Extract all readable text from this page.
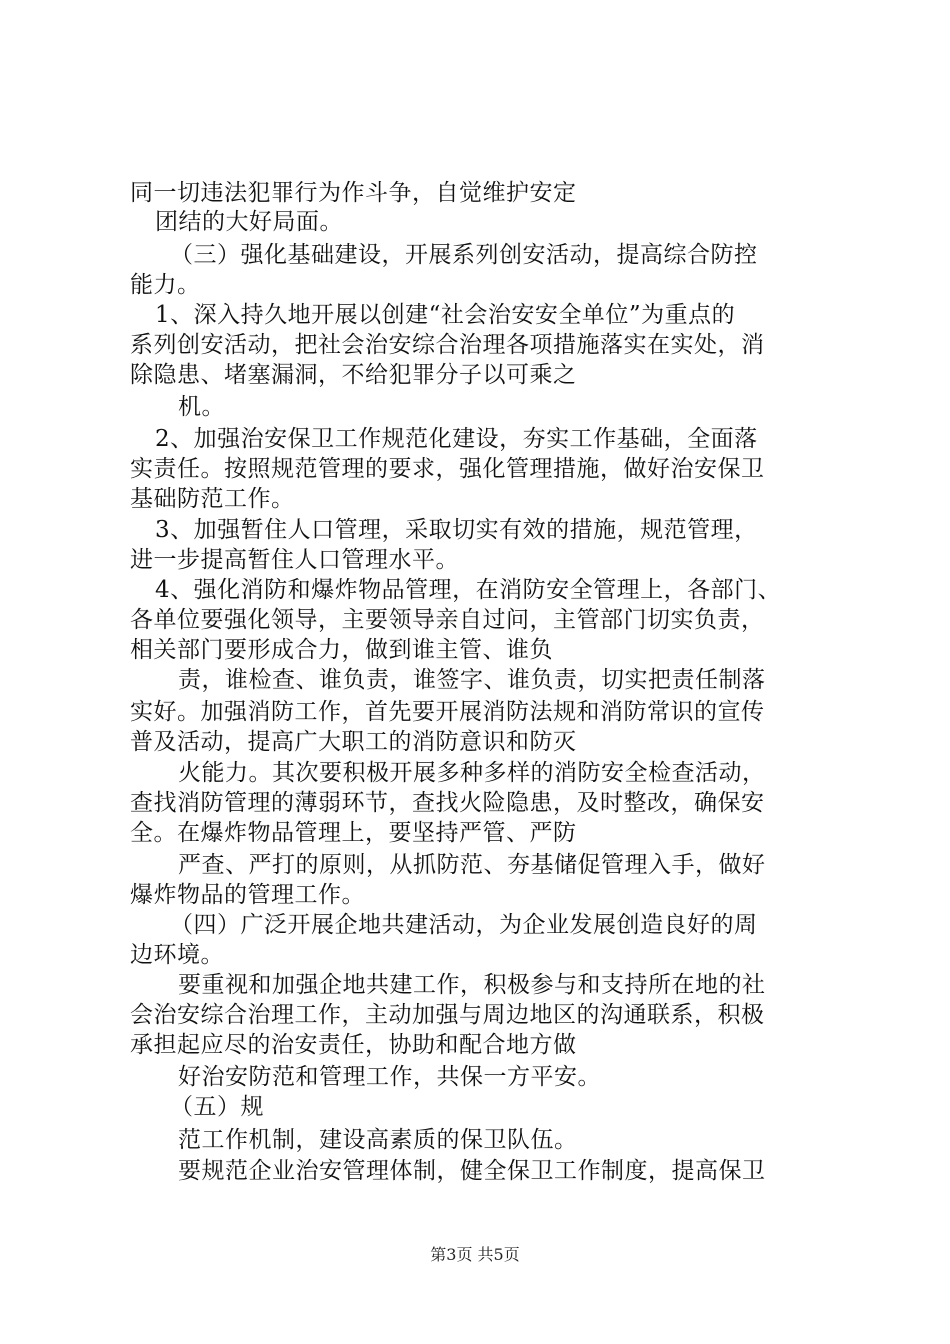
同一切违法犯罪行为作斗争，自觉维护安定
团结的大好局面。
（三）强化基础建设，开展系列创安活动，提高综合防控
能力。
1、深入持久地开展以创建“社会治安安全单位”为重点的
系列创安活动，把社会治安综合治理各项措施落实在实处，消
除隐患、堵塞漏洞，不给犯罪分子以可乘之
机。
2、加强治安保卫工作规范化建设，夯实工作基础，全面落
实责任。按照规范管理的要求，强化管理措施，做好治安保卫
基础防范工作。
3、加强暂住人口管理，采取切实有效的措施，规范管理，
进一步提高暂住人口管理水平。
4、强化消防和爆炸物品管理，在消防安全管理上，各部门、
各单位要强化领导，主要领导亲自过问，主管部门切实负责，
相关部门要形成合力，做到谁主管、谁负
责，谁检查、谁负责，谁签字、谁负责，切实把责任制落
实好。加强消防工作，首先要开展消防法规和消防常识的宣传
普及活动，提高广大职工的消防意识和防灭
火能力。其次要积极开展多种多样的消防安全检查活动，
查找消防管理的薄弱环节，查找火险隐患，及时整改，确保安
全。在爆炸物品管理上，要坚持严管、严防
严查、严打的原则，从抓防范、夯基储促管理入手，做好
爆炸物品的管理工作。
（四）广泛开展企地共建活动，为企业发展创造良好的周
边环境。
要重视和加强企地共建工作，积极参与和支持所在地的社
会治安综合治理工作，主动加强与周边地区的沟通联系，积极
承担起应尽的治安责任，协助和配合地方做
好治安防范和管理工作，共保一方平安。
（五）规
范工作机制，建设高素质的保卫队伍。
要规范企业治安管理体制，健全保卫工作制度，提高保卫
第3页 共5页
